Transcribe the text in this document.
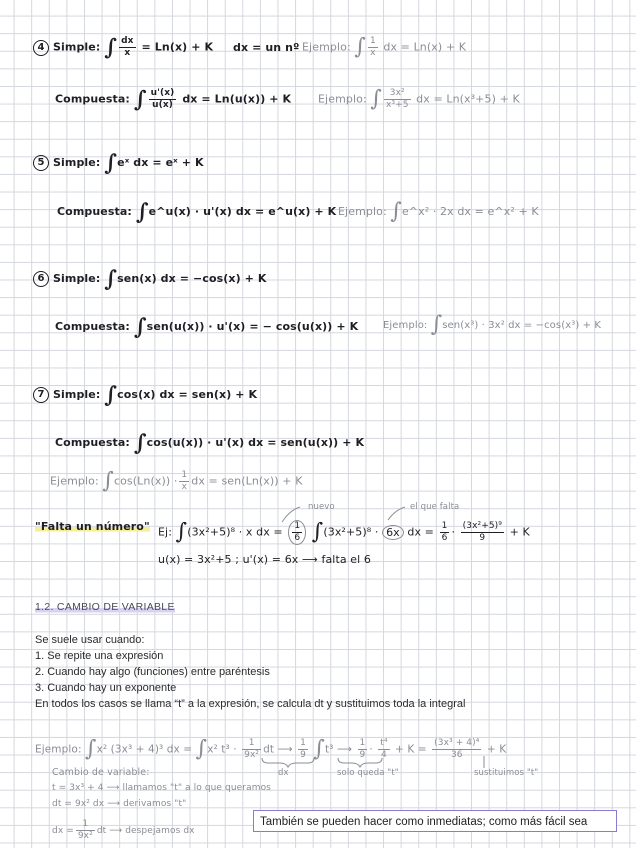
4 Simple: ∫ $\frac{dx}{x} = Ln(x) + K$ dx = un nº Ejemplo: ∫ $\frac{1}{x}$ dx = Ln(x) + K
Compuesta: ∫ $\frac{u'(x)}{u(x)}$ dx = Ln(u(x)) + K Ejemplo: ∫ $\frac{\text{3x²}}{\text{x³+5}}$ dx = Ln(x³+5) + K
5 Simple: ∫eˣ dx = eˣ + K
Compuesta: ∫e^u(x) · u'(x) dx = e^u(x) + K Ejemplo: ∫e^x² · 2x dx = e^x² + K
6 Simple: ∫sen(x) dx = −cos(x) + K
Compuesta: ∫sen(u(x)) · u'(x) = − cos(u(x)) + K Ejemplo: ∫sen(x³) · 3x² dx = −cos(x³) + K
7 Simple: ∫cos(x) dx = sen(x) + K
Compuesta: ∫cos(u(x)) · u'(x) dx = sen(u(x)) + K
Ejemplo: $\int\cos(Ln(x)) \cdot \frac{1}{x}$ dx = sen(Ln(x)) + K
nuevo	el que falta
"Falta un número" Ej: ∫(3x²+5)⁸ · x dx = $\frac{1}{6} \int(3x^2+5)^8 \cdot 6x$ dx = $\frac{1}{6} \cdot \frac{\text{(3x²+5)⁹}}{9} + K$
u(x) = 3x²+5 ; u'(x) = 6x ⟶ falta el 6
1.2. CAMBIO DE VARIABLE
Se suele usar cuando:
1. Se repite una expresión
2. Cuando hay algo (funciones) entre paréntesis
3. Cuando hay un exponente
En todos los casos se llama “t” a la expresión, se calcula dt y sustituimos toda la integral
Ejemplo: ∫x² (3x³ + 4)³ dx = ∫x² $t^3 \cdot \frac{1}{\text{9x²}}$ dt ⟶ $\frac{1}{9} \int t^3$ ⟶ $\frac{1}{9} \cdot \frac{\text{t⁴}}{4} + K = \frac{\text{(3x³ + 4)⁴}}{36} + K$
dx	solo queda "t"	sustituimos "t"
Cambio de variable:
t = 3x³ + 4 ⟶ llamamos "t" a lo que queramos
dt = 9x² dx ⟶ derivamos "t"
dx = $\frac{1}{\text{9x²}}$ dt ⟶ despejamos dx
También se pueden hacer como inmediatas; como más fácil sea
